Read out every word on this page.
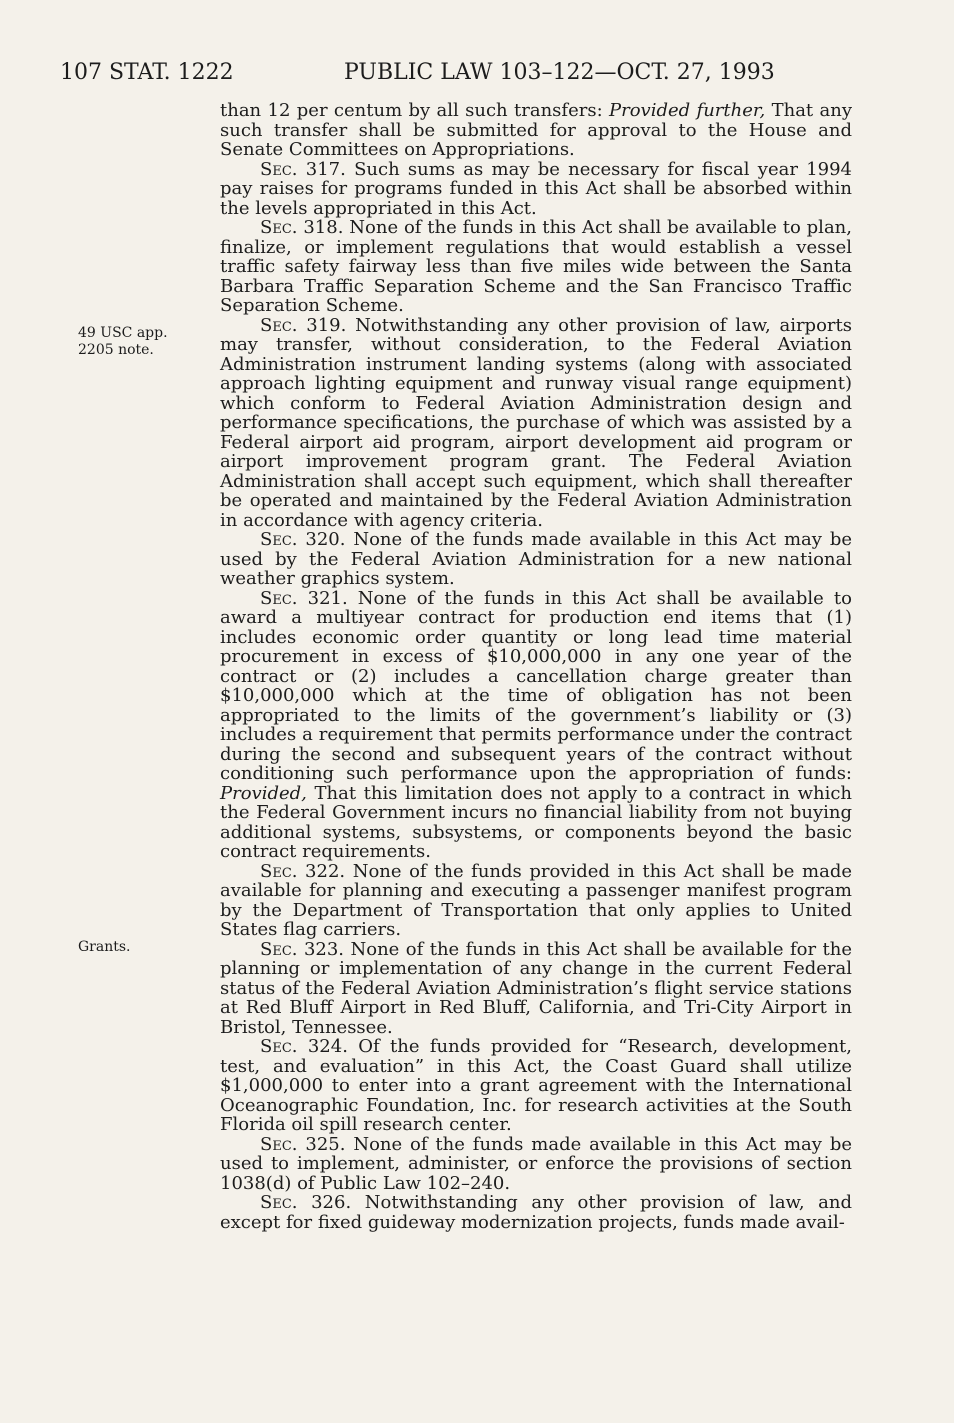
107 STAT. 1222	PUBLIC LAW 103–122—OCT. 27, 1993
49 USC app.
2205 note.
Grants.

than 12 per centum by all such transfers: Provided further, That any such transfer shall be submitted for approval to the House and Senate Committees on Appropriations.

Sec. 317. Such sums as may be necessary for fiscal year 1994 pay raises for programs funded in this Act shall be absorbed within the levels appropriated in this Act.

Sec. 318. None of the funds in this Act shall be available to plan, finalize, or implement regulations that would establish a vessel traffic safety fairway less than five miles wide between the Santa Barbara Traffic Separation Scheme and the San Francisco Traffic Separation Scheme.

Sec. 319. Notwithstanding any other provision of law, airports may transfer, without consideration, to the Federal Aviation Administration instrument landing systems (along with associated approach lighting equipment and runway visual range equipment) which conform to Federal Aviation Administration design and performance specifications, the purchase of which was assisted by a Federal airport aid program, airport development aid program or airport improvement program grant. The Federal Aviation Administration shall accept such equipment, which shall thereafter be operated and maintained by the Federal Aviation Administration in accordance with agency criteria.

Sec. 320. None of the funds made available in this Act may be used by the Federal Aviation Administration for a new national weather graphics system.

Sec. 321. None of the funds in this Act shall be available to award a multiyear contract for production end items that (1) includes economic order quantity or long lead time material procurement in excess of $10,000,000 in any one year of the contract or (2) includes a cancellation charge greater than $10,000,000 which at the time of obligation has not been appropriated to the limits of the government’s liability or (3) includes a requirement that permits performance under the contract during the second and subsequent years of the contract without conditioning such performance upon the appropriation of funds: Provided, That this limitation does not apply to a contract in which the Federal Government incurs no financial liability from not buying additional systems, subsystems, or components beyond the basic contract requirements.

Sec. 322. None of the funds provided in this Act shall be made available for planning and executing a passenger manifest program by the Department of Transportation that only applies to United States flag carriers.

Sec. 323. None of the funds in this Act shall be available for the planning or implementation of any change in the current Federal status of the Federal Aviation Administration’s flight service stations at Red Bluff Airport in Red Bluff, California, and Tri-City Airport in Bristol, Tennessee.

Sec. 324. Of the funds provided for “Research, development, test, and evaluation” in this Act, the Coast Guard shall utilize $1,000,000 to enter into a grant agreement with the International Oceanographic Foundation, Inc. for research activities at the South Florida oil spill research center.

Sec. 325. None of the funds made available in this Act may be used to implement, administer, or enforce the provisions of section 1038(d) of Public Law 102–240.

Sec. 326. Notwithstanding any other provision of law, and except for fixed guideway modernization projects, funds made avail-
